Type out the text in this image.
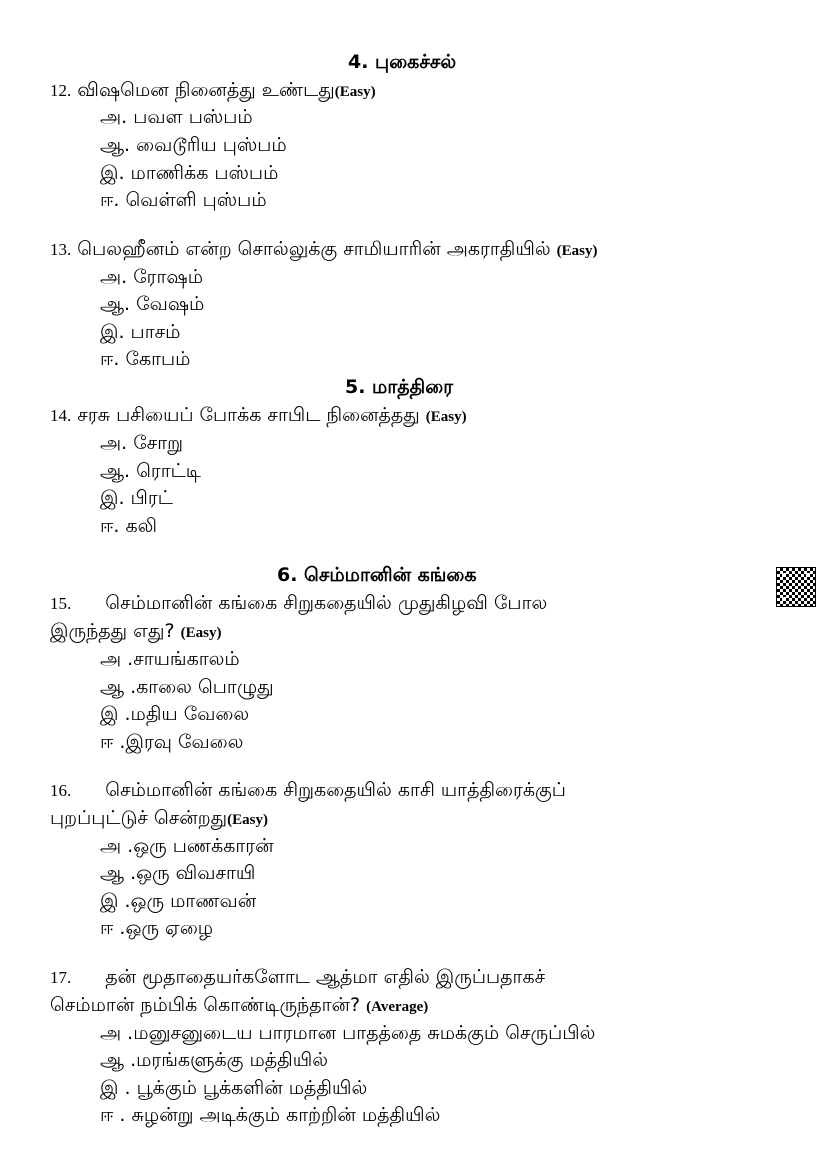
4. புகைச்சல்
12. விஷமென நினைத்து உண்டது(Easy)
அ. பவள பஸ்பம்
ஆ. வைடூரிய புஸ்பம்
இ. மாணிக்க பஸ்பம்
ஈ. வெள்ளி புஸ்பம்
13. பெலஹீனம் என்ற சொல்லுக்கு சாமியாரின் அகராதியில் (Easy)
அ. ரோஷம்
ஆ. வேஷம்
இ. பாசம்
ஈ. கோபம்
5. மாத்திரை
14. சரசு பசியைப் போக்க சாபிட நினைத்தது (Easy)
அ. சோறு
ஆ. ரொட்டி
இ. பிரட்
ஈ. கலி
6. செம்மானின் கங்கை
15. செம்மானின் கங்கை சிறுகதையில் முதுகிழவி போல
இருந்தது எது? (Easy)
அ .சாயங்காலம்
ஆ .காலை பொழுது
இ .மதிய வேலை
ஈ .இரவு வேலை
16. செம்மானின் கங்கை சிறுகதையில் காசி யாத்திரைக்குப்
புறப்புட்டுச் சென்றது(Easy)
அ .ஒரு பணக்காரன்
ஆ .ஒரு விவசாயி
இ .ஒரு மாணவன்
ஈ .ஒரு ஏழை
17. தன் மூதாதையர்களோட ஆத்மா எதில் இருப்பதாகச்
செம்மான் நம்பிக் கொண்டிருந்தான்? (Average)
அ .மனுசனுடைய பாரமான பாதத்தை சுமக்கும் செருப்பில்
ஆ .மரங்களுக்கு மத்தியில்
இ . பூக்கும் பூக்களின் மத்தியில்
ஈ . சுழன்று அடிக்கும் காற்றின் மத்தியில்
